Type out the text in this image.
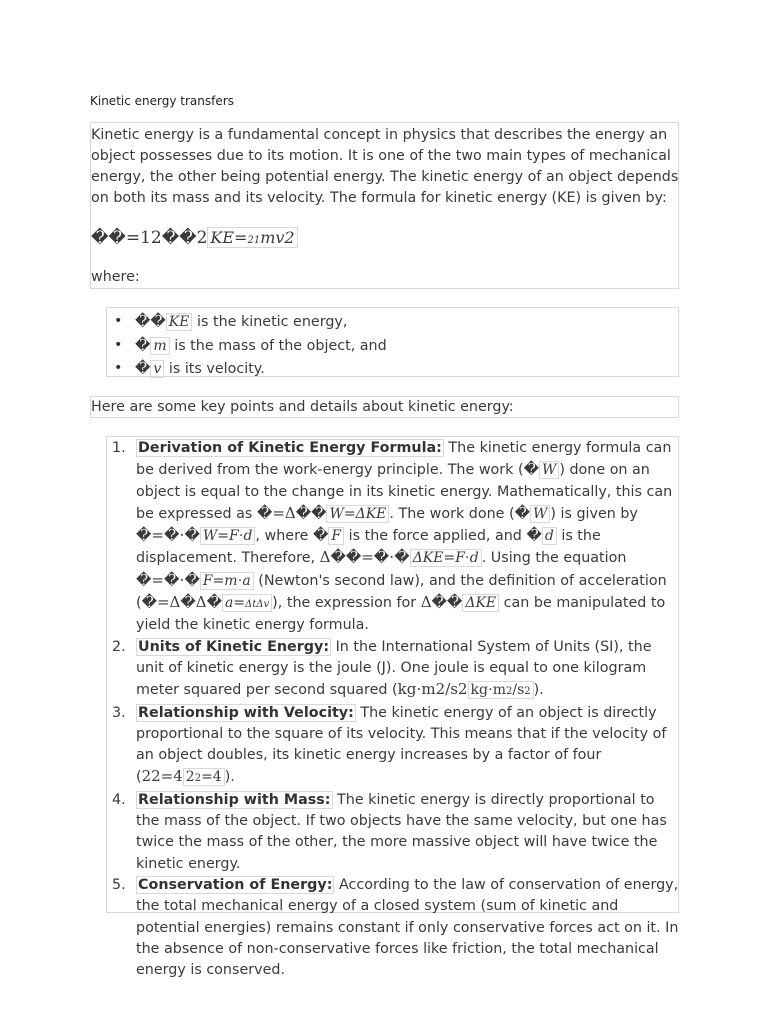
Kinetic energy transfers
Kinetic energy is a fundamental concept in physics that describes the energy an object possesses due to its motion. It is one of the two main types of mechanical energy, the other being potential energy. The kinetic energy of an object depends on both its mass and its velocity. The formula for kinetic energy (KE) is given by:
��=12��2 KE=21mv2
where:
• �� KE is the kinetic energy,
• � m is the mass of the object, and
• � v is its velocity.
Here are some key points and details about kinetic energy:
1. Derivation of Kinetic Energy Formula: The kinetic energy formula can be derived from the work-energy principle. The work (� W ) done on an object is equal to the change in its kinetic energy. Mathematically, this can be expressed as �=Δ�� W=ΔKE . The work done (� W ) is given by �=�⋅� W=F⋅d , where � F is the force applied, and � d is the displacement. Therefore, Δ��=�⋅� ΔKE=F⋅d . Using the equation �=�⋅� F=m⋅a (Newton's second law), and the definition of acceleration (�=Δ�Δ� a=ΔtΔv ), the expression for Δ�� ΔKE can be manipulated to yield the kinetic energy formula.
2. Units of Kinetic Energy: In the International System of Units (SI), the unit of kinetic energy is the joule (J). One joule is equal to one kilogram meter squared per second squared (kg⋅m2/s2 kg⋅m2/s2 ).
3. Relationship with Velocity: The kinetic energy of an object is directly proportional to the square of its velocity. This means that if the velocity of an object doubles, its kinetic energy increases by a factor of four (22=4 22=4 ).
4. Relationship with Mass: The kinetic energy is directly proportional to the mass of the object. If two objects have the same velocity, but one has twice the mass of the other, the more massive object will have twice the kinetic energy.
5. Conservation of Energy: According to the law of conservation of energy, the total mechanical energy of a closed system (sum of kinetic and potential energies) remains constant if only conservative forces act on it. In the absence of non-conservative forces like friction, the total mechanical energy is conserved.
